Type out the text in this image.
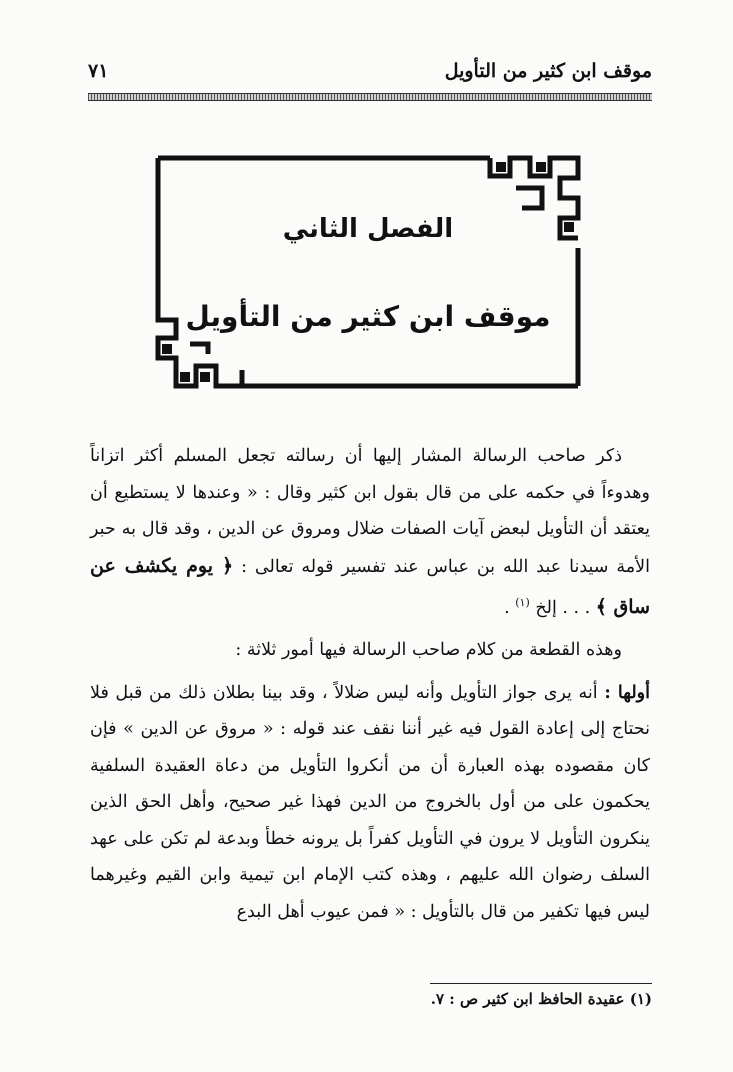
موقف ابن كثير من التأويل
٧١
الفصل الثاني
موقف ابن كثير من التأويل

ذكر صاحب الرسالة المشار إليها أن رسالته تجعل المسلم أكثر اتزاناً وهدوءاً في حكمه على من قال بقول ابن كثير وقال : « وعندها لا يستطيع أن يعتقد أن التأويل لبعض آيات الصفات ضلال ومروق عن الدين ، وقد قال به حبر الأمة سيدنا عبد الله بن عباس عند تفسير قوله تعالى : ﴿ يوم يكشف عن ساق ﴾ . . . إلخ $^{(١)}$ .

وهذه القطعة من كلام صاحب الرسالة فيها أمور ثلاثة :

أولها : أنه يرى جواز التأويل وأنه ليس ضلالاً ، وقد بينا بطلان ذلك من قبل فلا نحتاج إلى إعادة القول فيه غير أننا نقف عند قوله : « مروق عن الدين » فإن كان مقصوده بهذه العبارة أن من أنكروا التأويل من دعاة العقيدة السلفية يحكمون على من أول بالخروج من الدين فهذا غير صحيح، وأهل الحق الذين ينكرون التأويل لا يرون في التأويل كفراً بل يرونه خطأ وبدعة لم تكن على عهد السلف رضوان الله عليهم ، وهذه كتب الإمام ابن تيمية وابن القيم وغيرهما ليس فيها تكفير من قال بالتأويل : « فمن عيوب أهل البدع

(١) عقيدة الحافظ ابن كثير ص : ٧.
